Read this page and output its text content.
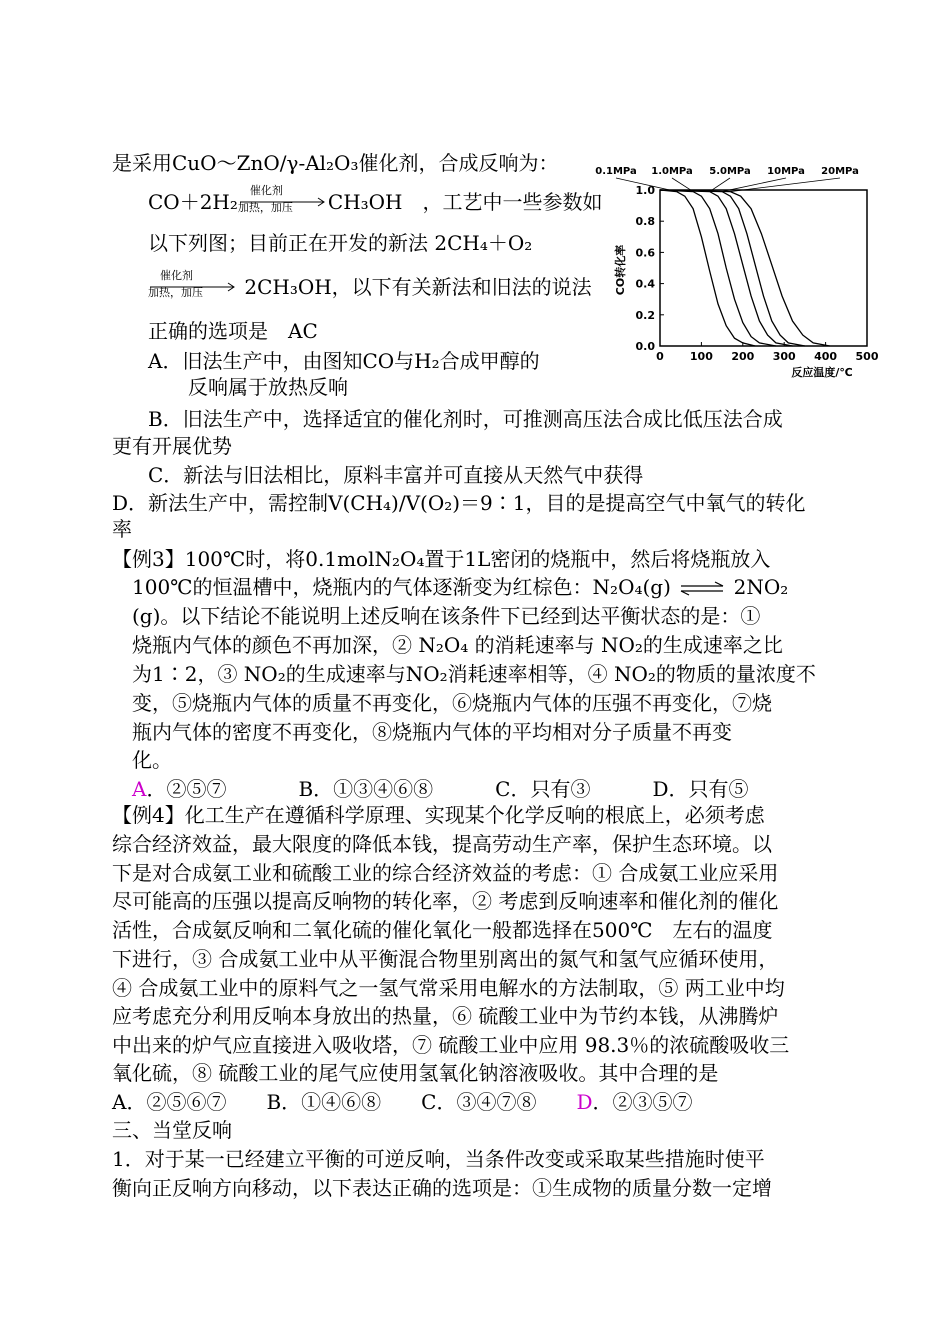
是采用CuO～ZnO/γ-Al₂O₃催化剂，合成反响为：
CO＋2H₂ 催化剂
加热，加压 CH₃OH　 ，工艺中一些参数如
以下列图；目前正在开发的新法 2CH₄＋O₂
催化剂
加热，加压 2CH₃OH，以下有关新法和旧法的说法
正确的选项是　AC
A．旧法生产中，由图知CO与H₂合成甲醇的
反响属于放热反响
B．旧法生产中，选择适宜的催化剂时，可推测高压法合成比低压法合成
更有开展优势
C．新法与旧法相比，原料丰富并可直接从天然气中获得
D．新法生产中，需控制V(CH₄)/V(O₂)＝9∶1，目的是提高空气中氧气的转化
率
0.1MPa 1.0MPa 5.0MPa 10MPa 20MPa
0.0
0.2
0.4
0.6
0.8
1.0
0 100 200 300 400 500
CO转化率
反应温度/℃
【例3】100℃时，将0.1molN₂O₄置于1L密闭的烧瓶中，然后将烧瓶放入
100℃的恒温槽中，烧瓶内的气体逐渐变为红棕色：N₂O₄(g) ⇌ 2NO₂
(g)。以下结论不能说明上述反响在该条件下已经到达平衡状态的是：①
烧瓶内气体的颜色不再加深，② N₂O₄ 的消耗速率与 NO₂的生成速率之比
为1∶2，③ NO₂的生成速率与NO₂消耗速率相等，④ NO₂的物质的量浓度不
变，⑤烧瓶内气体的质量不再变化，⑥烧瓶内气体的压强不再变化，⑦烧
瓶内气体的密度不再变化，⑧烧瓶内气体的平均相对分子质量不再变
化。
A．②⑤⑦	B．①③④⑥⑧	C．只有③	D．只有⑤
【例4】化工生产在遵循科学原理、实现某个化学反响的根底上，必须考虑
综合经济效益，最大限度的降低本钱，提高劳动生产率，保护生态环境。以
下是对合成氨工业和硫酸工业的综合经济效益的考虑：① 合成氨工业应采用
尽可能高的压强以提高反响物的转化率，② 考虑到反响速率和催化剂的催化
活性，合成氨反响和二氧化硫的催化氧化一般都选择在500℃　左右的温度
下进行，③ 合成氨工业中从平衡混合物里别离出的氮气和氢气应循环使用，
④ 合成氨工业中的原料气之一氢气常采用电解水的方法制取，⑤ 两工业中均
应考虑充分利用反响本身放出的热量，⑥ 硫酸工业中为节约本钱，从沸腾炉
中出来的炉气应直接进入吸收塔，⑦ 硫酸工业中应用 98.3％的浓硫酸吸收三
氧化硫，⑧ 硫酸工业的尾气应使用氢氧化钠溶液吸收。其中合理的是
A．②⑤⑥⑦ B．①④⑥⑧ C．③④⑦⑧ D．②③⑤⑦
三、当堂反响
1．对于某一已经建立平衡的可逆反响，当条件改变或采取某些措施时使平
衡向正反响方向移动，以下表达正确的选项是：①生成物的质量分数一定增
